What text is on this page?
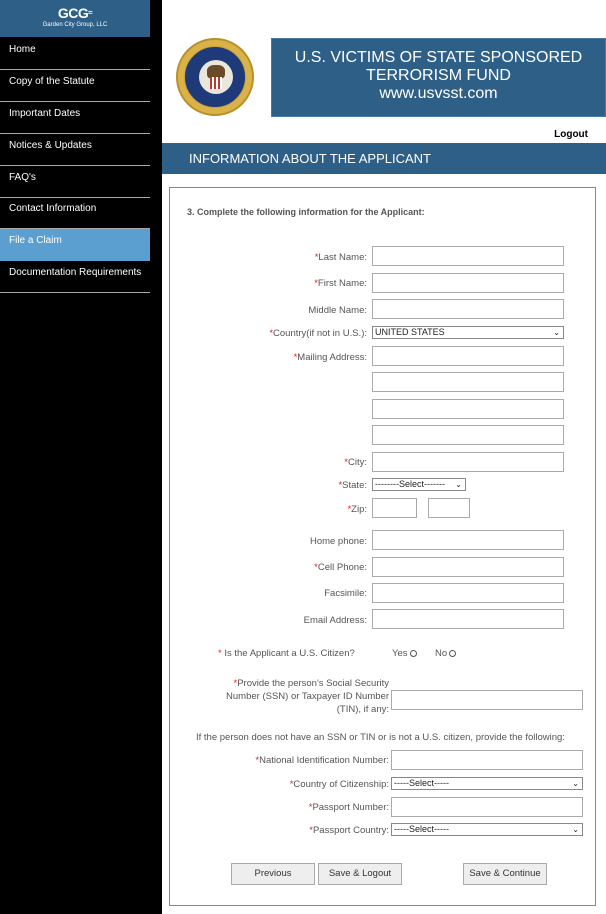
GCG≈
Garden City Group, LLC
Home
Copy of the Statute
Important Dates
Notices & Updates
FAQ's
Contact Information
File a Claim
Documentation Requirements
U.S. VICTIMS OF STATE SPONSORED
TERRORISM FUND
www.usvsst.com
Logout
INFORMATION ABOUT THE APPLICANT
3. Complete the following information for the Applicant:
*Last Name:
*First Name:
Middle Name:
*Country(if not in U.S.): UNITED STATES	⌄
*Mailing Address:
*City:
*State: --------Select------- ⌄
*Zip:
Home phone:
*Cell Phone:
Facsimile:
Email Address:
* Is the Applicant a U.S. Citizen?	Yes	No
*Provide the person's Social Security
Number (SSN) or Taxpayer ID Number
(TIN), if any:
If the person does not have an SSN or TIN or is not a U.S. citizen, provide the following:
*National Identification Number:
*Country of Citizenship: -----Select-----	⌄
*Passport Number:
*Passport Country: -----Select-----	⌄
Previous	Save & Logout	Save & Continue
